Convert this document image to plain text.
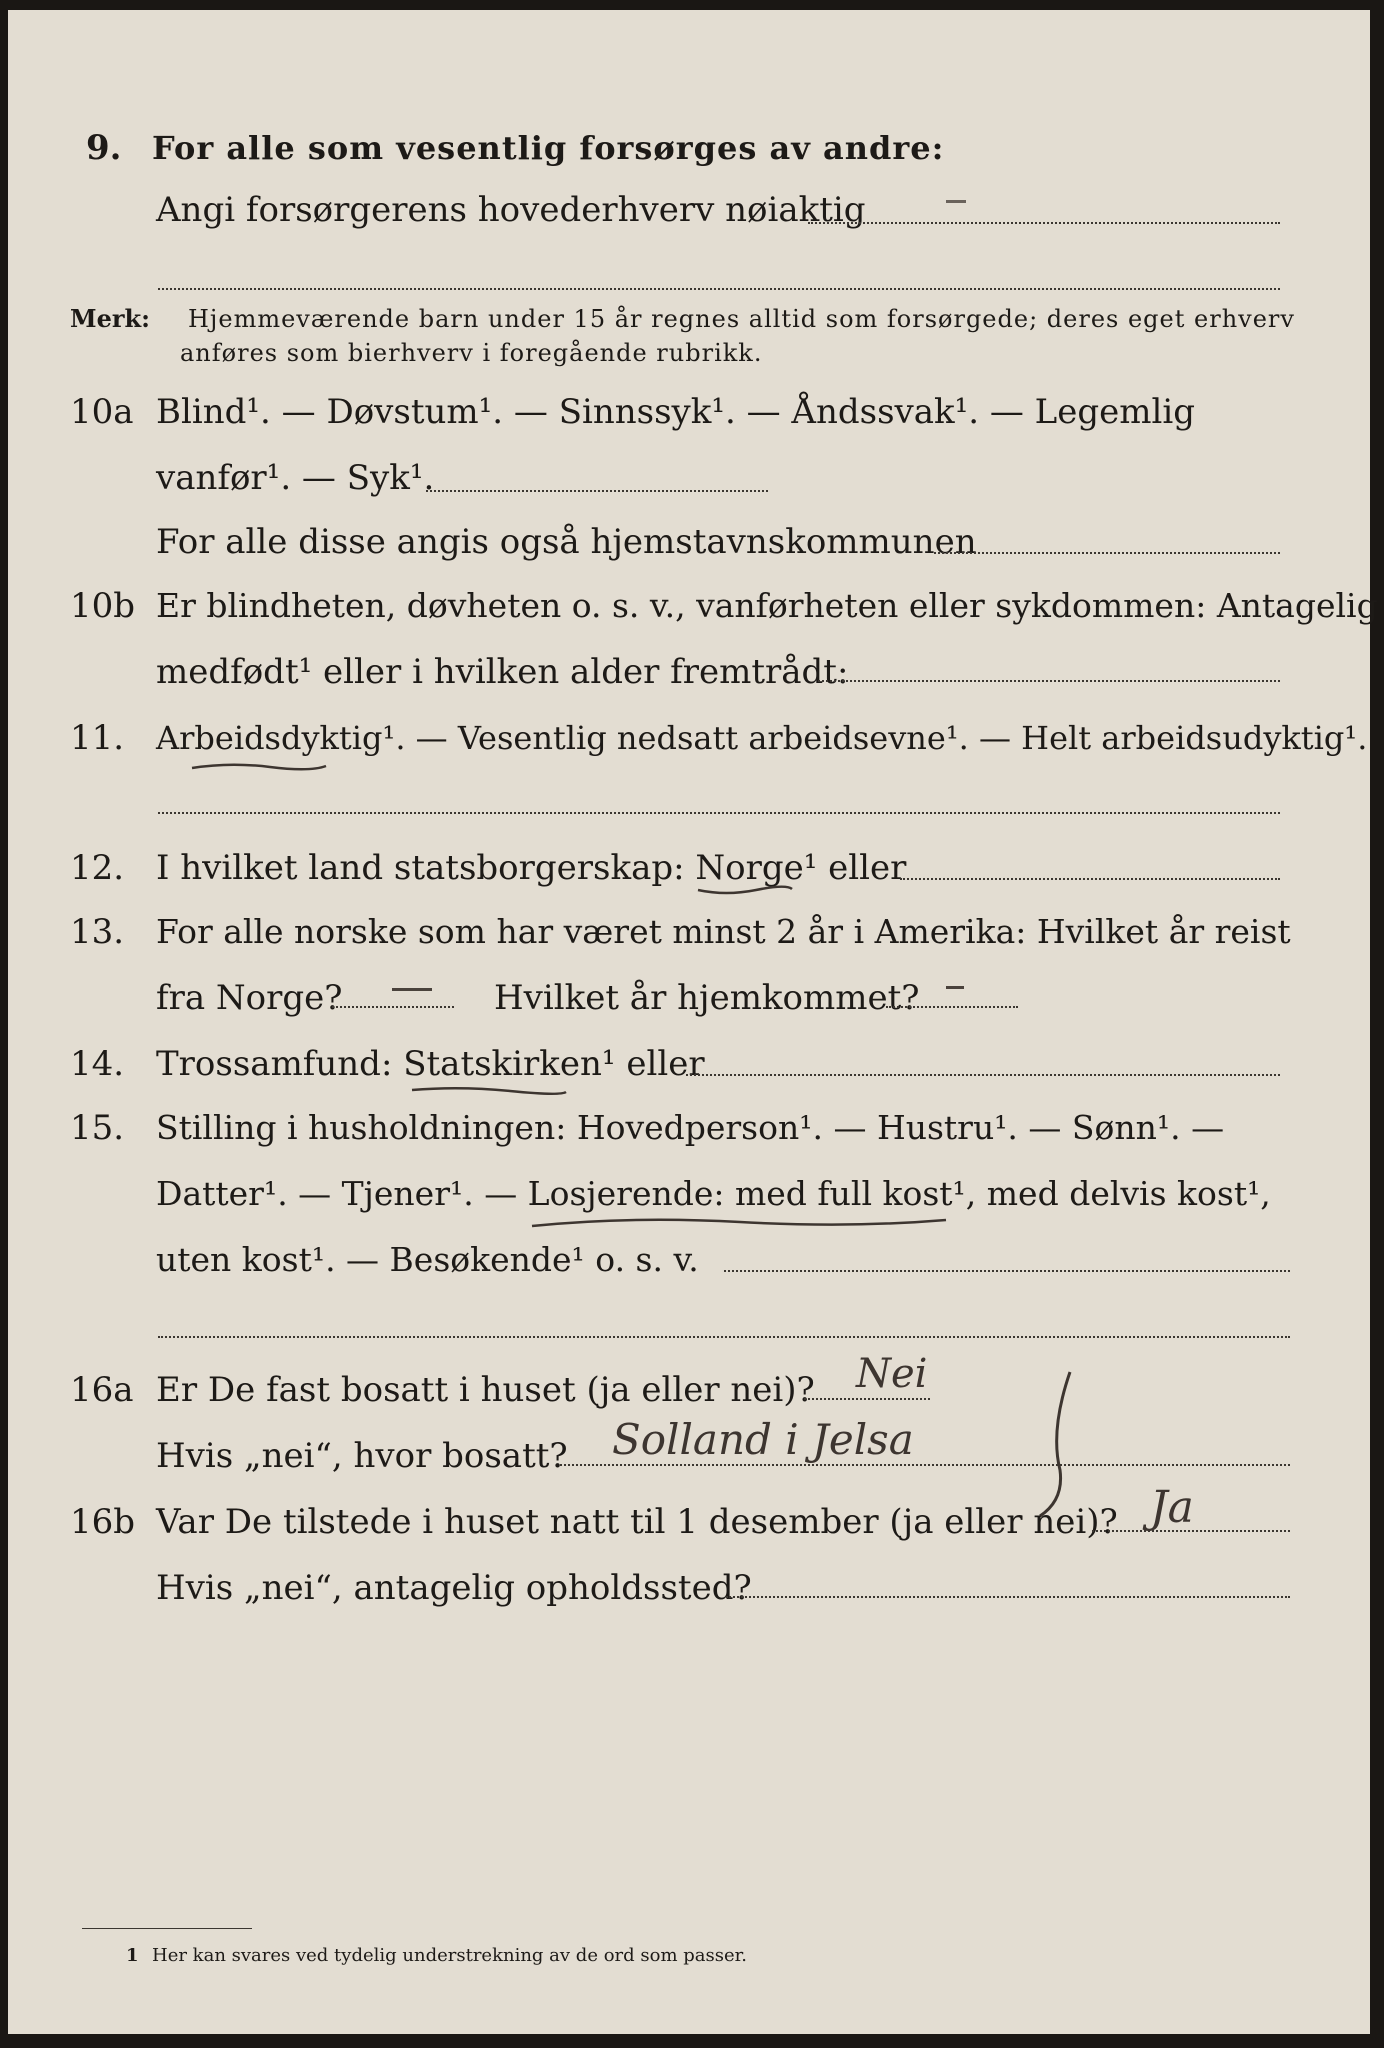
9. For alle som vesentlig forsørges av andre:
Angi forsørgerens hovederhverv nøiaktig
Merk: Hjemmeværende barn under 15 år regnes alltid som forsørgede; deres eget erhverv
anføres som bierhverv i foregående rubrikk.
10a Blind¹. — Døvstum¹. — Sinnssyk¹. — Åndssvak¹. — Legemlig
vanfør¹. — Syk¹.
For alle disse angis også hjemstavnskommunen
10b Er blindheten, døvheten o. s. v., vanførheten eller sykdommen: Antagelig
medfødt¹ eller i hvilken alder fremtrådt:
11. Arbeidsdyktig¹. — Vesentlig nedsatt arbeidsevne¹. — Helt arbeidsudyktig¹.
12. I hvilket land statsborgerskap: Norge¹ eller
13. For alle norske som har været minst 2 år i Amerika: Hvilket år reist
fra Norge?	Hvilket år hjemkommet?
14. Trossamfund: Statskirken¹ eller
15. Stilling i husholdningen: Hovedperson¹. — Hustru¹. — Sønn¹. —
Datter¹. — Tjener¹. — Losjerende: med full kost¹, med delvis kost¹,
uten kost¹. — Besøkende¹ o. s. v.
16a Er De fast bosatt i huset (ja eller nei)? Nei
Hvis „nei“, hvor bosatt? Solland i Jelsa
16b Var De tilstede i huset natt til 1 desember (ja eller nei)? Ja
Hvis „nei“, antagelig opholdssted?
1 Her kan svares ved tydelig understrekning av de ord som passer.
